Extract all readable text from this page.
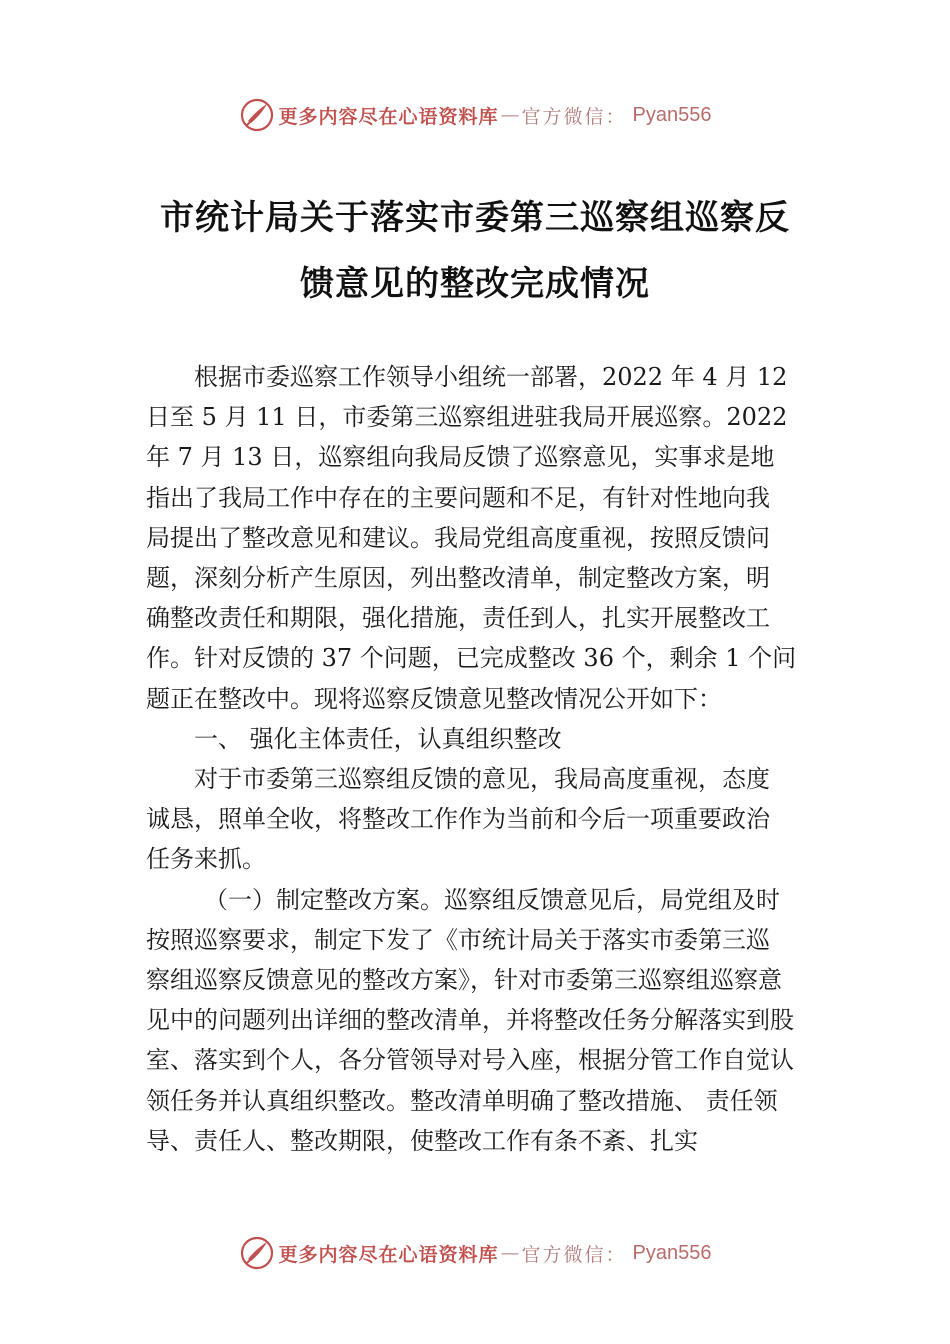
更多内容尽在心语资料库 — 官方微信： Pyan556
市统计局关于落实市委第三巡察组巡察反
馈意见的整改完成情况

根据市委巡察工作领导小组统一部署，2022 年 4 月 12

日至 5 月 11 日，市委第三巡察组进驻我局开展巡察。2022

年 7 月 13 日，巡察组向我局反馈了巡察意见，实事求是地

指出了我局工作中存在的主要问题和不足，有针对性地向我

局提出了整改意见和建议。我局党组高度重视，按照反馈问

题，深刻分析产生原因，列出整改清单，制定整改方案，明

确整改责任和期限，强化措施，责任到人，扎实开展整改工

作。针对反馈的 37 个问题，已完成整改 36 个，剩余 1 个问

题正在整改中。现将巡察反馈意见整改情况公开如下：

一、 强化主体责任，认真组织整改

对于市委第三巡察组反馈的意见，我局高度重视，态度

诚恳，照单全收，将整改工作作为当前和今后一项重要政治

任务来抓。

（一）制定整改方案。巡察组反馈意见后，局党组及时

按照巡察要求，制定下发了《市统计局关于落实市委第三巡

察组巡察反馈意见的整改方案》，针对市委第三巡察组巡察意

见中的问题列出详细的整改清单，并将整改任务分解落实到股

室、落实到个人，各分管领导对号入座，根据分管工作自觉认

领任务并认真组织整改。整改清单明确了整改措施、 责任领

导、责任人、整改期限，使整改工作有条不紊、扎实

更多内容尽在心语资料库 — 官方微信： Pyan556
